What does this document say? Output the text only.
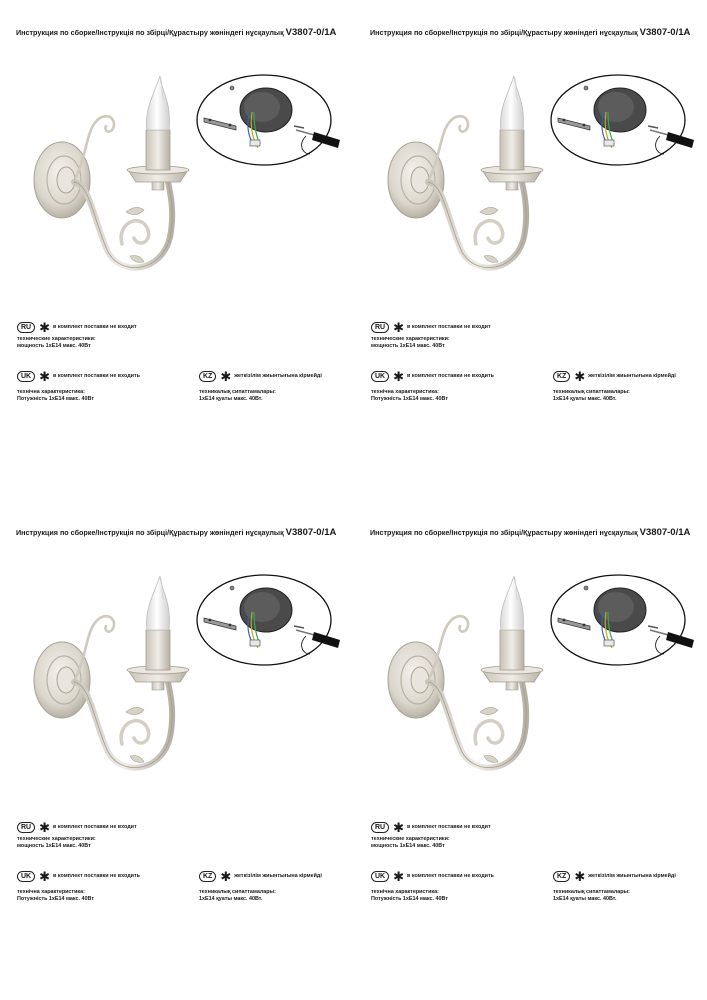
Инструкция по сборке/Інструкція по збірці/Құрастыру жөніндегі нұсқаулық V3807-0/1A
RU ✱ в комплект поставки не входит
технические характеристики:
мощность 1хЕ14 макс. 40Вт
UK ✱ в комплект поставки не входить
технічна характеристика:
Потужність 1хЕ14 макс. 40Вт
KZ ✱ жеткізілім жиынтығына кірмейді
техникалық сипаттамалары:
1хЕ14 қуаты макс. 40Вт.
Инструкция по сборке/Інструкція по збірці/Құрастыру жөніндегі нұсқаулық V3807-0/1A
RU ✱ в комплект поставки не входит
технические характеристики:
мощность 1хЕ14 макс. 40Вт
UK ✱ в комплект поставки не входить
технічна характеристика:
Потужність 1хЕ14 макс. 40Вт
KZ ✱ жеткізілім жиынтығына кірмейді
техникалық сипаттамалары:
1хЕ14 қуаты макс. 40Вт.
Инструкция по сборке/Інструкція по збірці/Құрастыру жөніндегі нұсқаулық V3807-0/1A
RU ✱ в комплект поставки не входит
технические характеристики:
мощность 1хЕ14 макс. 40Вт
UK ✱ в комплект поставки не входить
технічна характеристика:
Потужність 1хЕ14 макс. 40Вт
KZ ✱ жеткізілім жиынтығына кірмейді
техникалық сипаттамалары:
1хЕ14 қуаты макс. 40Вт.
Инструкция по сборке/Інструкція по збірці/Құрастыру жөніндегі нұсқаулық V3807-0/1A
RU ✱ в комплект поставки не входит
технические характеристики:
мощность 1хЕ14 макс. 40Вт
UK ✱ в комплект поставки не входить
технічна характеристика:
Потужність 1хЕ14 макс. 40Вт
KZ ✱ жеткізілім жиынтығына кірмейді
техникалық сипаттамалары:
1хЕ14 қуаты макс. 40Вт.
